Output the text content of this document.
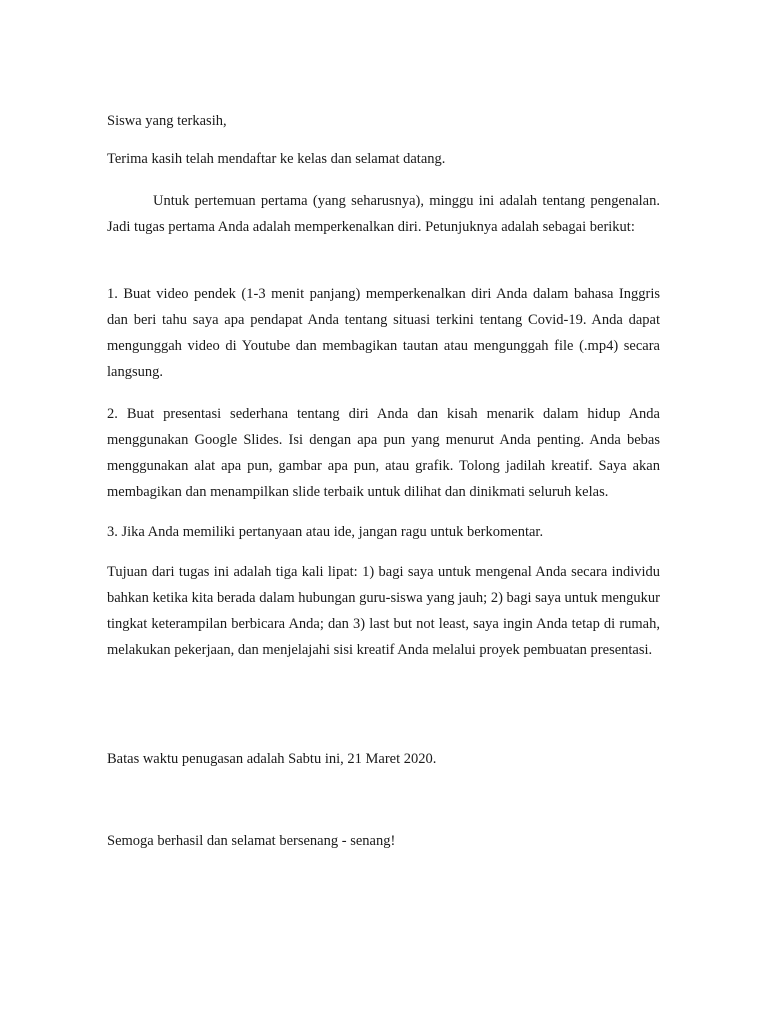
Siswa yang terkasih,

Terima kasih telah mendaftar ke kelas dan selamat datang.

Untuk pertemuan pertama (yang seharusnya), minggu ini adalah tentang pengenalan. Jadi tugas pertama Anda adalah memperkenalkan diri. Petunjuknya adalah sebagai berikut:

1. Buat video pendek (1-3 menit panjang) memperkenalkan diri Anda dalam bahasa Inggris dan beri tahu saya apa pendapat Anda tentang situasi terkini tentang Covid-19. Anda dapat mengunggah video di Youtube dan membagikan tautan atau mengunggah file (.mp4) secara langsung.

2. Buat presentasi sederhana tentang diri Anda dan kisah menarik dalam hidup Anda menggunakan Google Slides. Isi dengan apa pun yang menurut Anda penting. Anda bebas menggunakan alat apa pun, gambar apa pun, atau grafik. Tolong jadilah kreatif. Saya akan membagikan dan menampilkan slide terbaik untuk dilihat dan dinikmati seluruh kelas.

3. Jika Anda memiliki pertanyaan atau ide, jangan ragu untuk berkomentar.

Tujuan dari tugas ini adalah tiga kali lipat: 1) bagi saya untuk mengenal Anda secara individu bahkan ketika kita berada dalam hubungan guru-siswa yang jauh; 2) bagi saya untuk mengukur tingkat keterampilan berbicara Anda; dan 3) last but not least, saya ingin Anda tetap di rumah, melakukan pekerjaan, dan menjelajahi sisi kreatif Anda melalui proyek pembuatan presentasi.

Batas waktu penugasan adalah Sabtu ini, 21 Maret 2020.

Semoga berhasil dan selamat bersenang - senang!
